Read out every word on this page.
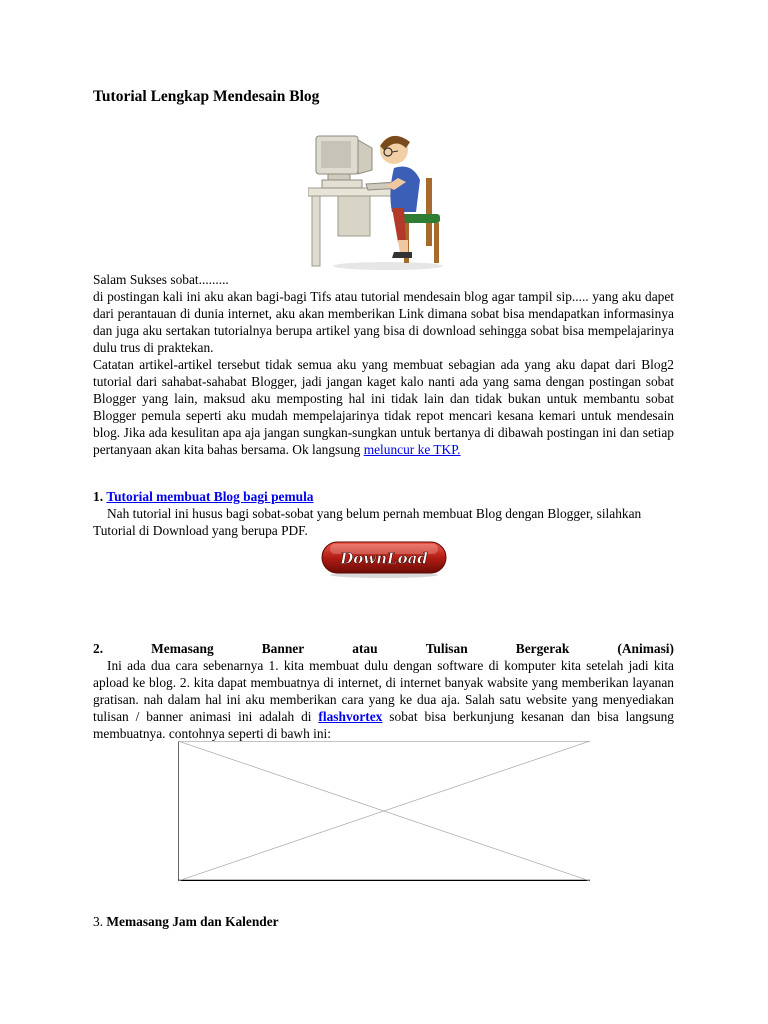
Tutorial Lengkap Mendesain Blog

Salam Sukses sobat.........

di postingan kali ini aku akan bagi-bagi Tifs atau tutorial mendesain blog agar tampil sip..... yang aku dapet dari perantauan di dunia internet, aku akan memberikan Link dimana sobat bisa mendapatkan informasinya dan juga aku sertakan tutorialnya berupa artikel yang bisa di download sehingga sobat bisa mempelajarinya dulu trus di praktekan.

Catatan artikel-artikel tersebut tidak semua aku yang membuat sebagian ada yang aku dapat dari Blog2 tutorial dari sahabat-sahabat Blogger, jadi jangan kaget kalo nanti ada yang sama dengan postingan sobat Blogger yang lain, maksud aku memposting hal ini tidak lain dan tidak bukan untuk membantu sobat Blogger pemula seperti aku mudah mempelajarinya tidak repot mencari kesana kemari untuk mendesain blog. Jika ada kesulitan apa aja jangan sungkan-sungkan untuk bertanya di dibawah postingan ini dan setiap pertanyaan akan kita bahas bersama. Ok langsung meluncur ke TKP.

1. Tutorial membuat Blog bagi pemula

Nah tutorial ini husus bagi sobat-sobat yang belum pernah membuat Blog dengan Blogger, silahkan Tutorial di Download yang berupa PDF.

DownLoad

2.	Memasang	Banner	atau	Tulisan	Bergerak	(Animasi)

Ini ada dua cara sebenarnya 1. kita membuat dulu dengan software di komputer kita setelah jadi kita apload ke blog. 2. kita dapat membuatnya di internet, di internet banyak wabsite yang memberikan layanan gratisan. nah dalam hal ini aku memberikan cara yang ke dua aja. Salah satu website yang menyediakan tulisan / banner animasi ini adalah di flashvortex sobat bisa berkunjung kesanan dan bisa langsung membuatnya. contohnya seperti di bawh ini:

3. Memasang Jam dan Kalender
